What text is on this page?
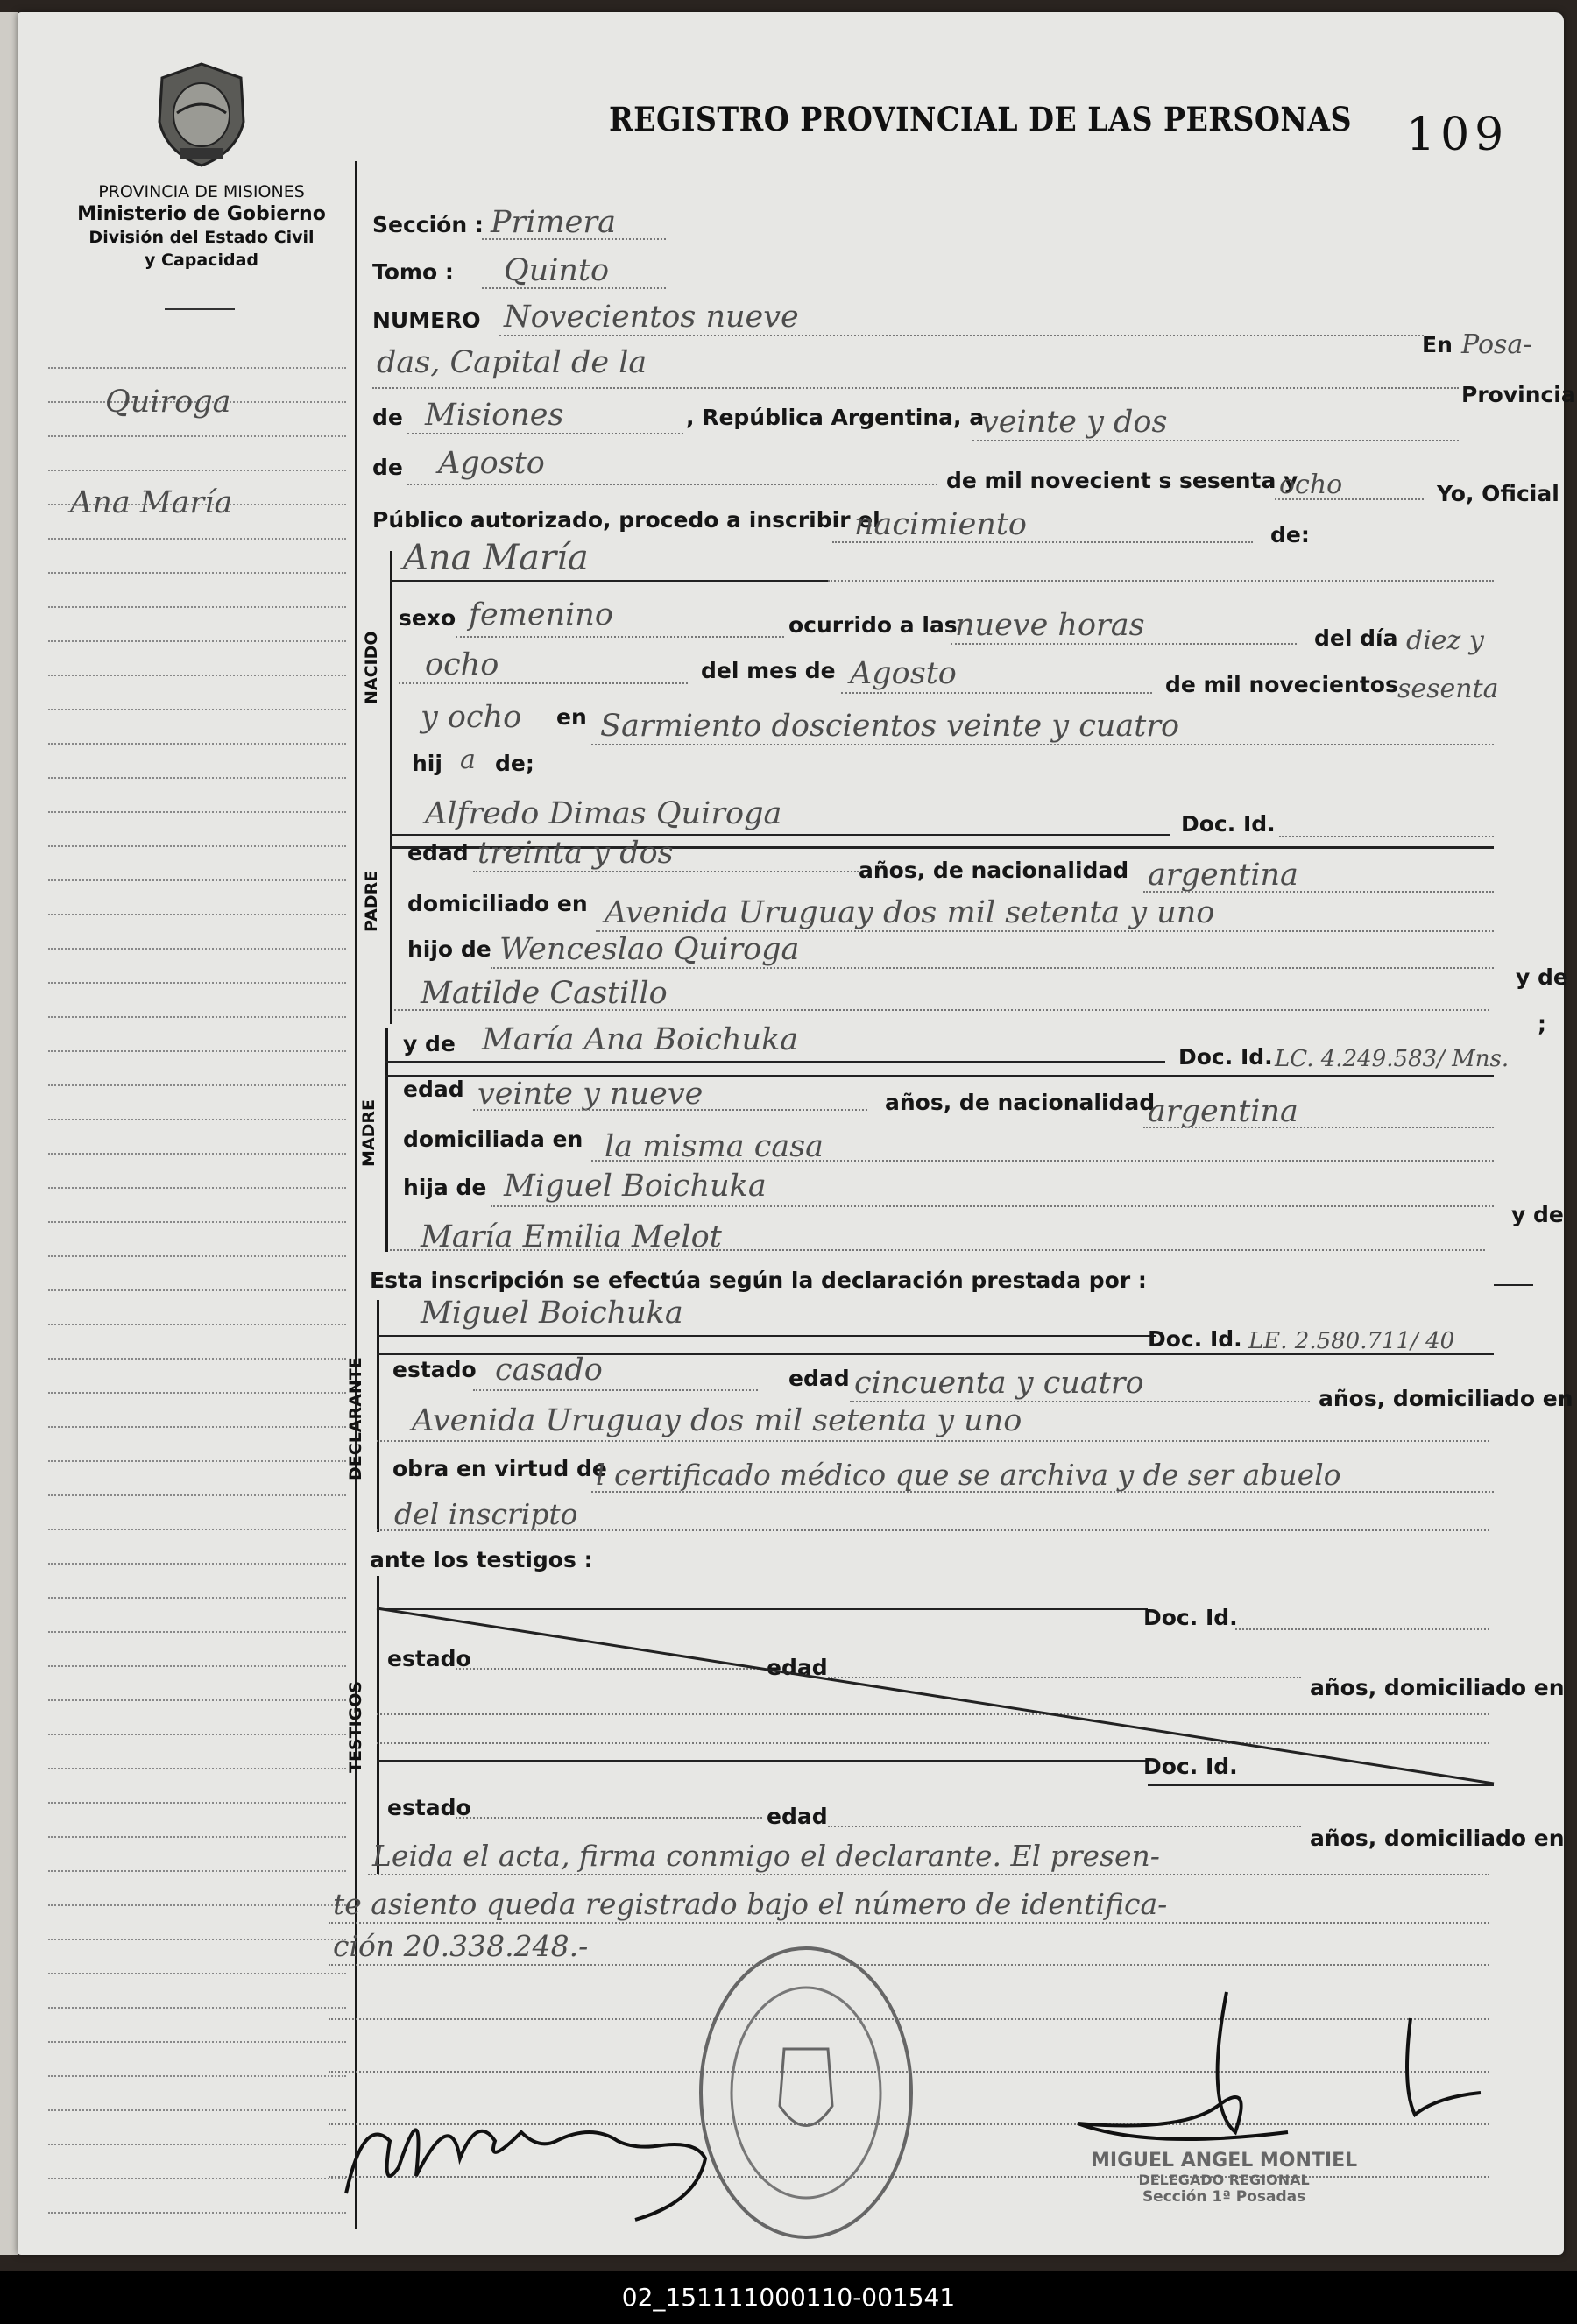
PROVINCIA DE MISIONES
Ministerio de Gobierno
División del Estado Civil
y Capacidad
REGISTRO PROVINCIAL DE LAS PERSONAS 109
Quiroga
Ana María
Sección : Primera
Tomo : Quinto
NUMERO Novecientos nueve
En Posa-
das, Capital de la
Provincia
de Misiones	, República Argentina, a
veinte y dos
de Agosto	de mil novecient s sesenta y
ocho	Yo, Oficial
Público autorizado, procedo a inscribir el
nacimiento	de:
NACIDO
Ana María
sexo femenino	ocurrido a las
nueve horas	del día diez y
ocho	del mes de Agosto	de mil novecientos sesenta
y ocho en Sarmiento doscientos veinte y cuatro
hij a de;
PADRE
Alfredo Dimas Quiroga	Doc. Id.
edad treinta y dos	años, de nacionalidad argentina
domiciliado en Avenida Uruguay dos mil setenta y uno
hijo de Wenceslao Quiroga
Matilde Castillo	y de
MADRE
y de María Ana Boichuka	;
Doc. Id. LC. 4.249.583/ Mns.
edad veinte y nueve	años, de nacionalidad
argentina
domiciliada en la misma casa
hija de Miguel Boichuka
María Emilia Melot
y de
Esta inscripción se efectúa según la declaración prestada por :
DECLARANTE
Miguel Boichuka
Doc. Id. LE. 2.580.711/ 40
estado casado	edad cincuenta y cuatro	años, domiciliado en
Avenida Uruguay dos mil setenta y uno
obra en virtud de
l certificado médico que se archiva y de ser abuelo
del inscripto
ante los testigos :
TESTIGOS
Doc. Id.
estado	edad
años, domiciliado en
Doc. Id.
estado	edad
años, domiciliado en
Leida el acta, firma conmigo el declarante. El presen-
te asiento queda registrado bajo el número de identifica-
ción 20.338.248.-
MIGUEL ANGEL MONTIEL
DELEGADO REGIONAL
Sección 1ª Posadas
02_151111000110-001541
